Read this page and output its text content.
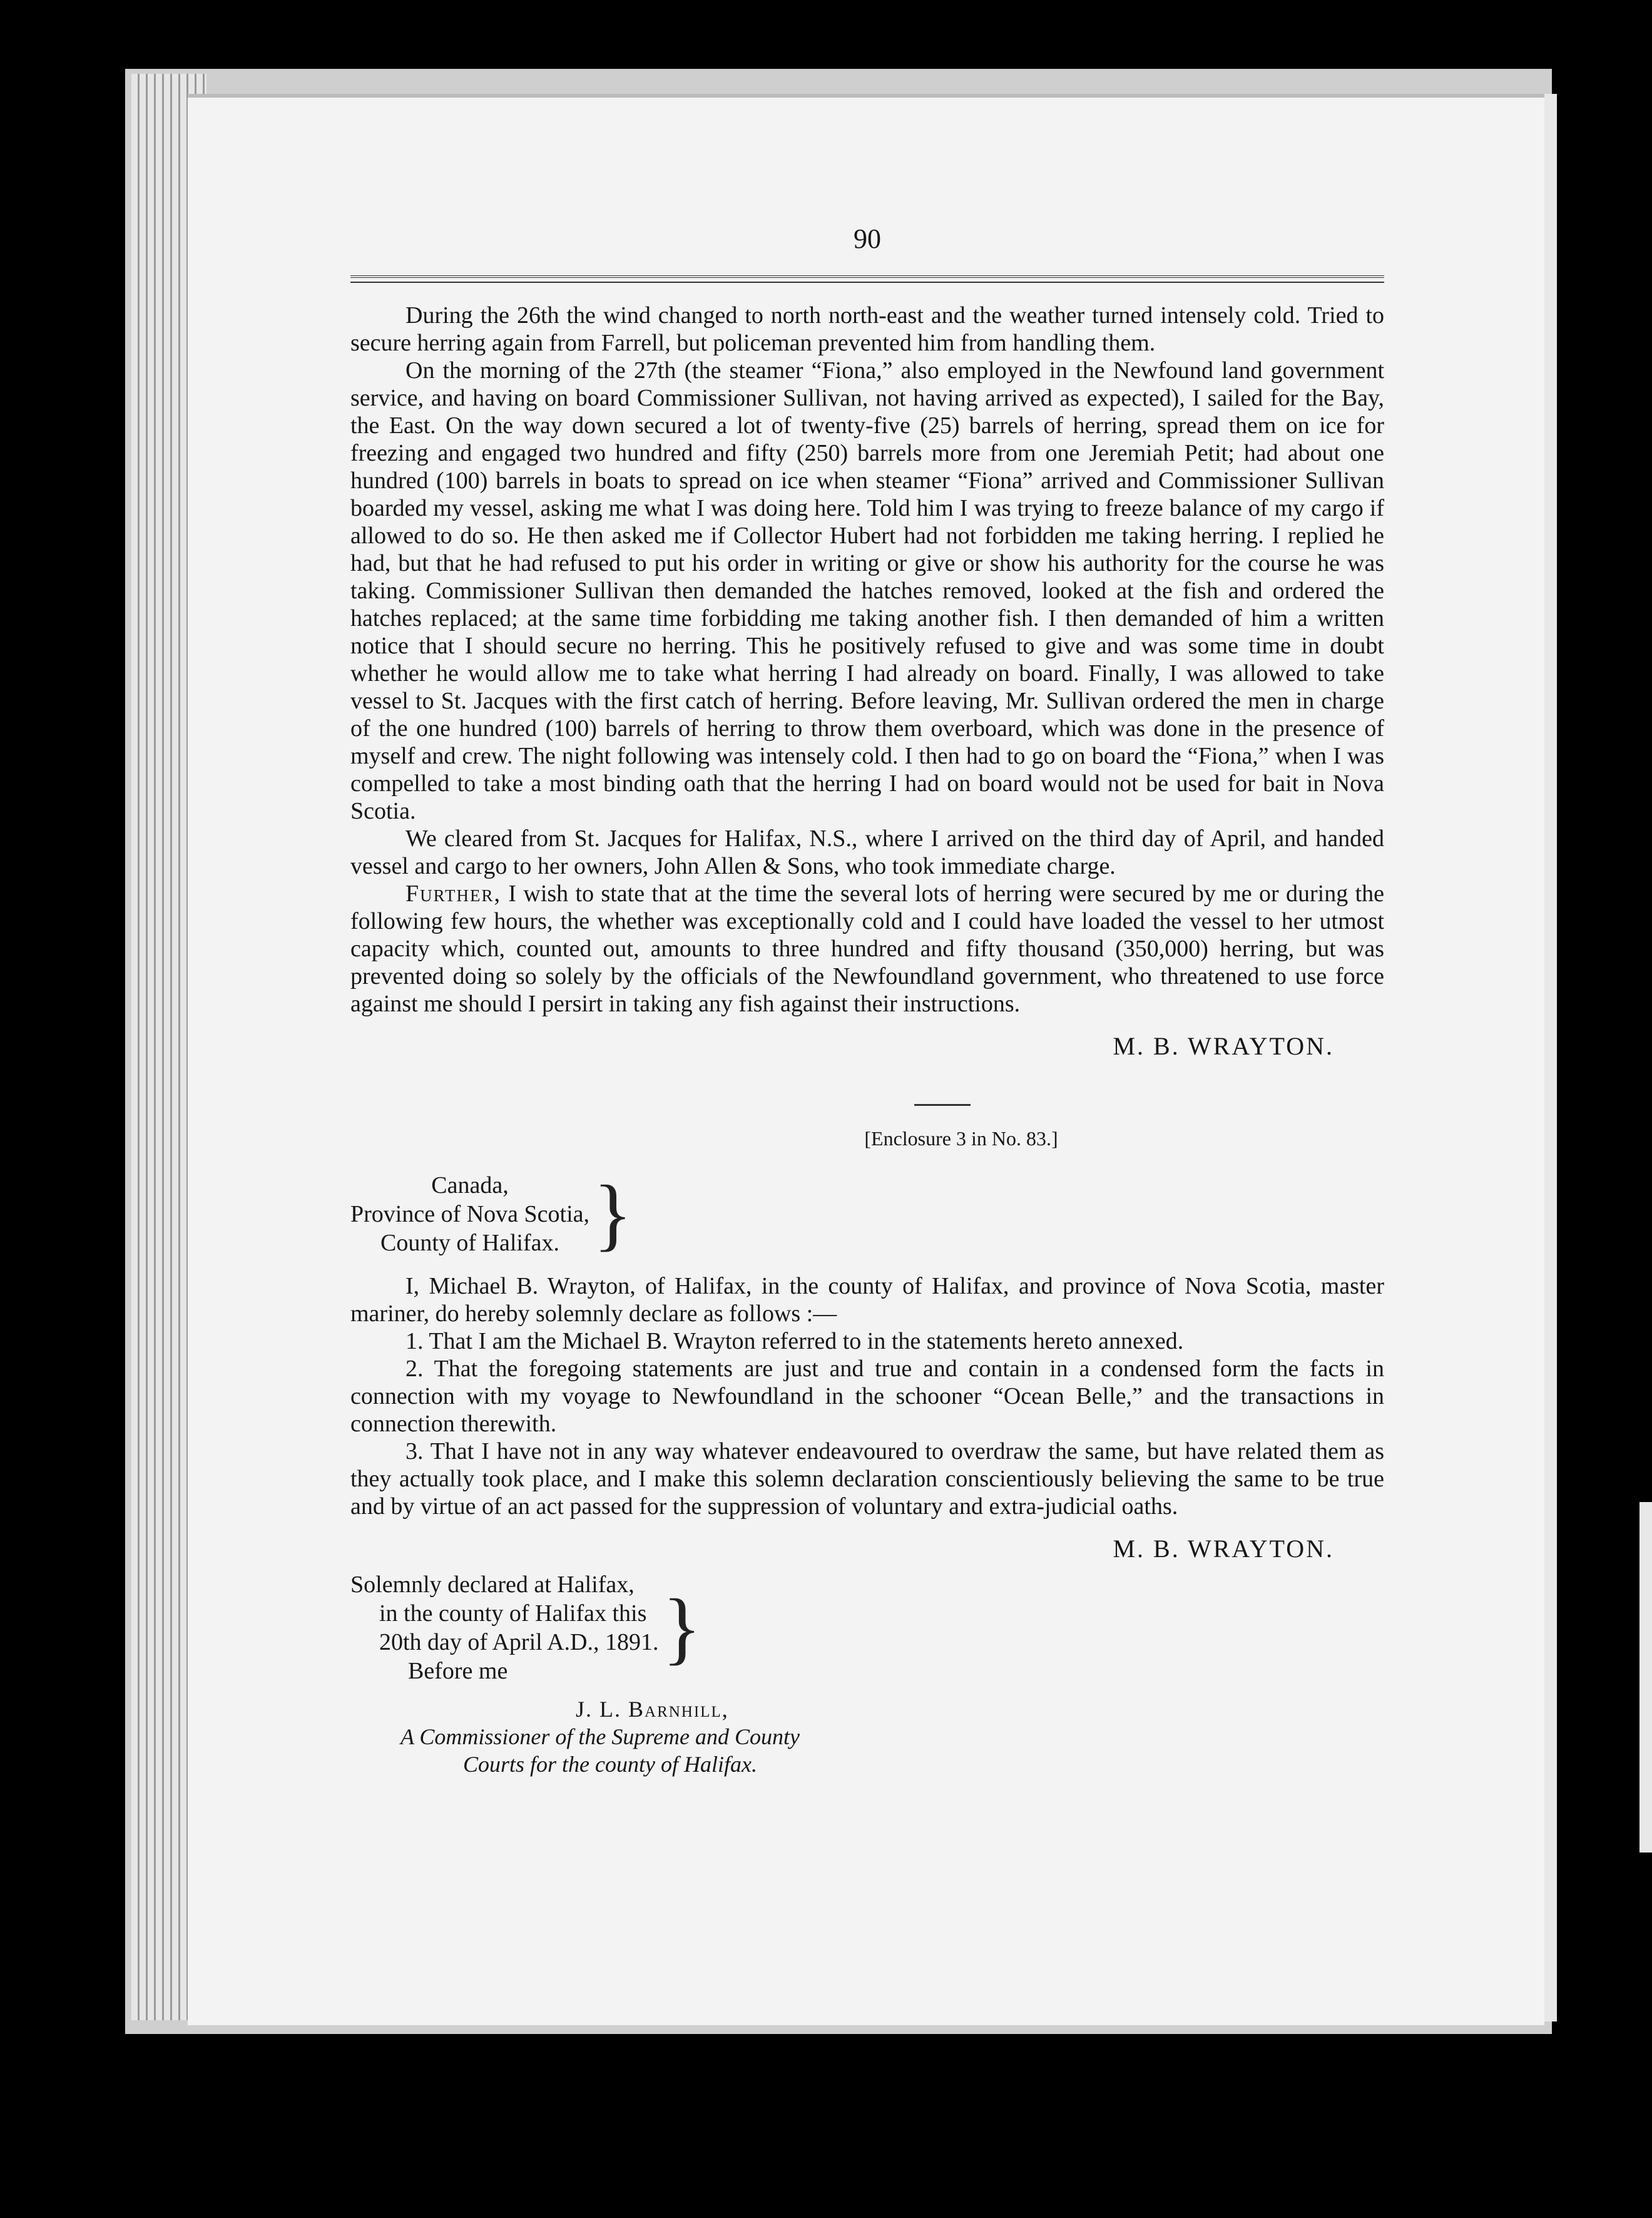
90

During the 26th the wind changed to north north-east and the weather turned intensely cold. Tried to secure herring again from Farrell, but policeman prevented him from handling them.

On the morning of the 27th (the steamer “Fiona,” also employed in the Newfound land government service, and having on board Commissioner Sullivan, not having arrived as expected), I sailed for the Bay, the East. On the way down secured a lot of twenty-five (25) barrels of herring, spread them on ice for freezing and engaged two hundred and fifty (250) barrels more from one Jeremiah Petit; had about one hundred (100) barrels in boats to spread on ice when steamer “Fiona” arrived and Commissioner Sullivan boarded my vessel, asking me what I was doing here. Told him I was trying to freeze balance of my cargo if allowed to do so. He then asked me if Collector Hubert had not forbidden me taking herring. I replied he had, but that he had refused to put his order in writing or give or show his authority for the course he was taking. Commissioner Sullivan then demanded the hatches removed, looked at the fish and ordered the hatches replaced; at the same time forbidding me taking another fish. I then demanded of him a written notice that I should secure no herring. This he positively refused to give and was some time in doubt whether he would allow me to take what herring I had already on board. Finally, I was allowed to take vessel to St. Jacques with the first catch of herring. Before leaving, Mr. Sullivan ordered the men in charge of the one hundred (100) barrels of herring to throw them overboard, which was done in the presence of myself and crew. The night following was intensely cold. I then had to go on board the “Fiona,” when I was compelled to take a most binding oath that the herring I had on board would not be used for bait in Nova Scotia.

We cleared from St. Jacques for Halifax, N.S., where I arrived on the third day of April, and handed vessel and cargo to her owners, John Allen & Sons, who took immediate charge.

Further, I wish to state that at the time the several lots of herring were secured by me or during the following few hours, the whether was exceptionally cold and I could have loaded the vessel to her utmost capacity which, counted out, amounts to three hundred and fifty thousand (350,000) herring, but was prevented doing so solely by the officials of the Newfoundland government, who threatened to use force against me should I persirt in taking any fish against their instructions.

M. B. WRAYTON.
[Enclosure 3 in No. 83.]
Canada,
Province of Nova Scotia,
County of Halifax. }

I, Michael B. Wrayton, of Halifax, in the county of Halifax, and province of Nova Scotia, master mariner, do hereby solemnly declare as follows :—

1. That I am the Michael B. Wrayton referred to in the statements hereto annexed.

2. That the foregoing statements are just and true and contain in a condensed form the facts in connection with my voyage to Newfoundland in the schooner “Ocean Belle,” and the transactions in connection therewith.

3. That I have not in any way whatever endeavoured to overdraw the same, but have related them as they actually took place, and I make this solemn declaration conscientiously believing the same to be true and by virtue of an act passed for the suppression of voluntary and extra-judicial oaths.

M. B. WRAYTON.
Solemnly declared at Halifax,
in the county of Halifax this
20th day of April A.D., 1891.
Before me	}
J. L. Barnhill,
A Commissioner of the Supreme and County
Courts for the county of Halifax.
